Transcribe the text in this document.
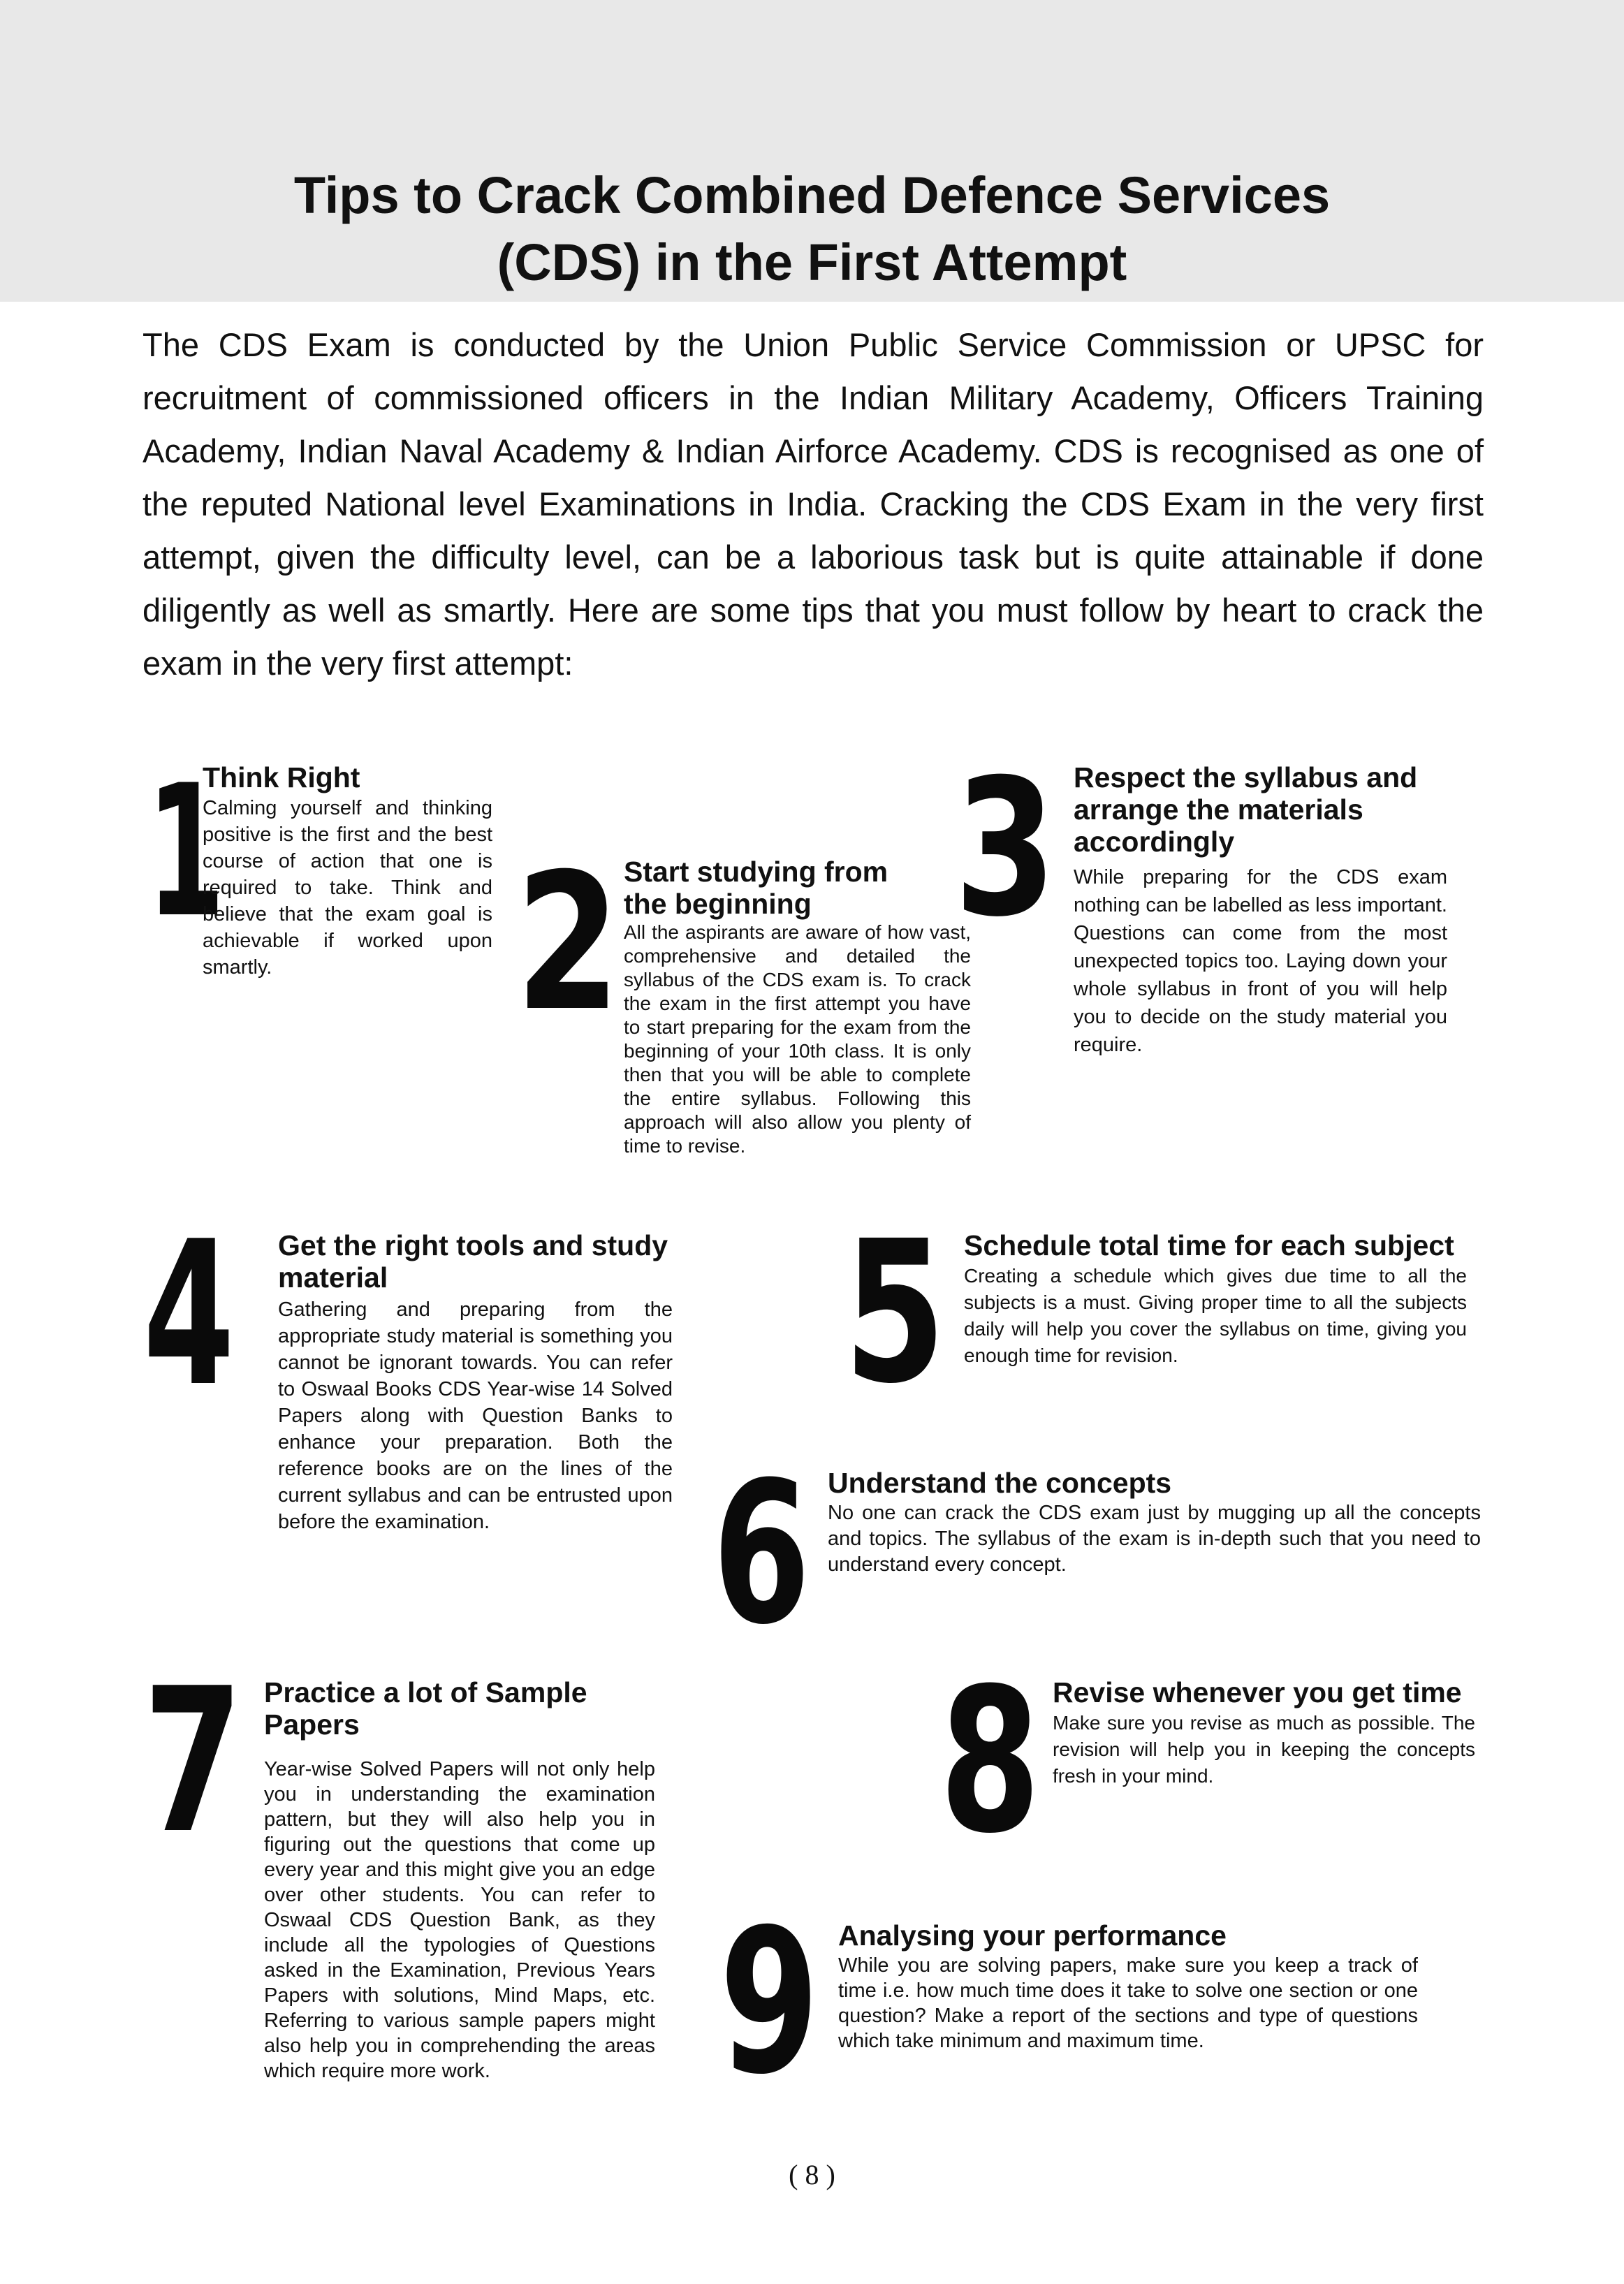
Tips to Crack Combined Defence Services
(CDS) in the First Attempt

The CDS Exam is conducted by the Union Public Service Commission or UPSC for recruitment of commissioned officers in the Indian Military Academy, Officers Training Academy, Indian Naval Academy & Indian Airforce Academy. CDS is recognised as one of the reputed National level Examinations in India. Cracking the CDS Exam in the very first attempt, given the difficulty level, can be a laborious task but is quite attainable if done diligently as well as smartly. Here are some tips that you must follow by heart to crack the exam in the very first attempt:

1
Think Right
Calming yourself and thinking positive is the first and the best course of action that one is required to take. Think and believe that the exam goal is achievable if worked upon smartly.	2 Start studying from the beginning
All the aspirants are aware of how vast, comprehensive and detailed the syllabus of the CDS exam is. To crack the exam in the first attempt you have to start preparing for the exam from the beginning of your 10th class. It is only then that you will be able to complete the entire syllabus. Following this approach will also allow you plenty of time to revise.
3 Respect the syllabus and arrange the materials accordingly
While preparing for the CDS exam nothing can be labelled as less important. Questions can come from the most unexpected topics too. Laying down your whole syllabus in front of you will help you to decide on the study material you require.
4 Get the right tools and study material
Gathering and preparing from the appropriate study material is something you cannot be ignorant towards. You can refer to Oswaal Books CDS Year-wise 14 Solved Papers along with Question Banks to enhance your preparation. Both the reference books are on the lines of the current syllabus and can be entrusted upon before the examination.
5 Schedule total time for each subject
Creating a schedule which gives due time to all the subjects is a must. Giving proper time to all the subjects daily will help you cover the syllabus on time, giving you enough time for revision.
6 Understand the concepts
No one can crack the CDS exam just by mugging up all the concepts and topics. The syllabus of the exam is in-depth such that you need to understand every concept.
7 Practice a lot of Sample Papers
Year-wise Solved Papers will not only help you in understanding the examination pattern, but they will also help you in figuring out the questions that come up every year and this might give you an edge over other students. You can refer to Oswaal CDS Question Bank, as they include all the typologies of Questions asked in the Examination, Previous Years Papers with solutions, Mind Maps, etc. Referring to various sample papers might also help you in comprehending the areas which require more work.
8 Revise whenever you get time
Make sure you revise as much as possible. The revision will help you in keeping the concepts fresh in your mind.
9 Analysing your performance
While you are solving papers, make sure you keep a track of time i.e. how much time does it take to solve one section or one question? Make a report of the sections and type of questions which take minimum and maximum time.
( 8 )
